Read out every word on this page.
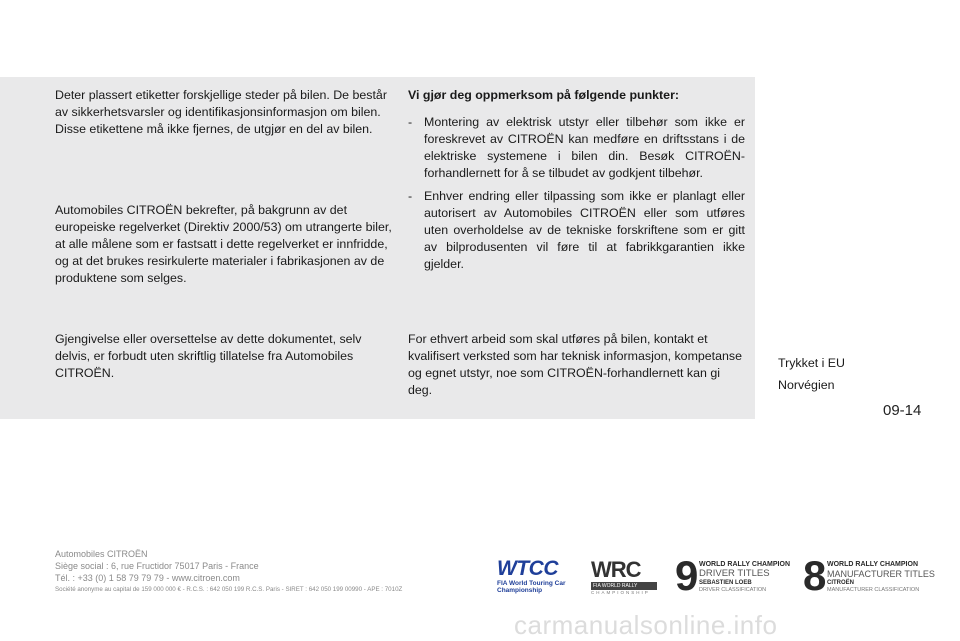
Deter plassert etiketter forskjellige steder på bilen. De består av sikkerhetsvarsler og identifikasjonsinformasjon om bilen. Disse etikettene må ikke fjernes, de utgjør en del av bilen.

Automobiles CITROËN bekrefter, på bakgrunn av det europeiske regelverket (Direktiv 2000/53) om utrangerte biler, at alle målene som er fastsatt i dette regelverket er innfridde, og at det brukes resirkulerte materialer i fabrikasjonen av de produktene som selges.

Gjengivelse eller oversettelse av dette dokumentet, selv delvis, er forbudt uten skriftlig tillatelse fra Automobiles CITROËN.

Vi gjør deg oppmerksom på følgende punkter:

- Montering av elektrisk utstyr eller tilbehør som ikke er foreskrevet av CITROËN kan medføre en driftsstans i de elektriske systemene i bilen din. Besøk CITROËN-forhandlernett for å se tilbudet av godkjent tilbehør.
- Enhver endring eller tilpassing som ikke er planlagt eller autorisert av Automobiles CITROËN eller som utføres uten overholdelse av de tekniske forskriftene som er gitt av bilprodusenten vil føre til at fabrikkgarantien ikke gjelder.

For ethvert arbeid som skal utføres på bilen, kontakt et kvalifisert verksted som har teknisk informasjon, kompetanse og egnet utstyr, noe som CITROËN-forhandlernett kan gi deg.

Trykket i EU
Norvégien
09-14
Automobiles CITROËN
Siège social : 6, rue Fructidor 75017 Paris - France
Tél. : +33 (0) 1 58 79 79 79 - www.citroen.com
Société anonyme au capital de 159 000 000 € - R.C.S. : 642 050 199 R.C.S. Paris - SIRET : 642 050 199 00990 - APE : 7010Z
WTCC
FIA World Touring Car
Championship
WRC
FIA WORLD RALLY
CHAMPIONSHIP 9 WORLD RALLY CHAMPION
DRIVER TITLES
SEBASTIEN LOEB
DRIVER CLASSIFICATION 8 WORLD RALLY CHAMPION
MANUFACTURER TITLES
CITROËN
MANUFACTURER CLASSIFICATION
carmanualsonline.info
